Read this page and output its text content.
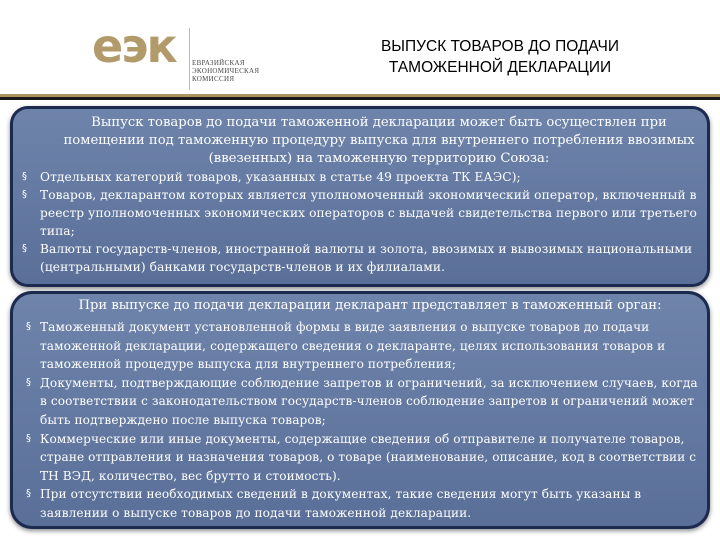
еэк ЕВРАЗИЙСКАЯ
ЭКОНОМИЧЕСКАЯ
КОМИССИЯ
ВЫПУСК ТОВАРОВ ДО ПОДАЧИ
ТАМОЖЕННОЙ ДЕКЛАРАЦИИ
Выпуск товаров до подачи таможенной декларации может быть осуществлен при помещении под таможенную процедуру выпуска для внутреннего потребления ввозимых (ввезенных) на таможенную территорию Союза:
§ Отдельных категорий товаров, указанных в статье 49 проекта ТК ЕАЭС);
§ Товаров, декларантом которых является уполномоченный экономический оператор, включенный в реестр уполномоченных экономических операторов с выдачей свидетельства первого или третьего типа;
§ Валюты государств-членов, иностранной валюты и золота, ввозимых и вывозимых национальными (центральными) банками государств-членов и их филиалами.
При выпуске до подачи декларации декларант представляет в таможенный орган:
§ Таможенный документ установленной формы в виде заявления о выпуске товаров до подачи таможенной декларации, содержащего сведения о декларанте, целях использования товаров и таможенной процедуре выпуска для внутреннего потребления;
§ Документы, подтверждающие соблюдение запретов и ограничений, за исключением случаев, когда в соответствии с законодательством государств-членов соблюдение запретов и ограничений может быть подтверждено после выпуска товаров;
§ Коммерческие или иные документы, содержащие сведения об отправителе и получателе товаров, стране отправления и назначения товаров, о товаре (наименование, описание, код в соответствии с ТН ВЭД, количество, вес брутто и стоимость).
§ При отсутствии необходимых сведений в документах, такие сведения могут быть указаны в заявлении о выпуске товаров до подачи таможенной декларации.
